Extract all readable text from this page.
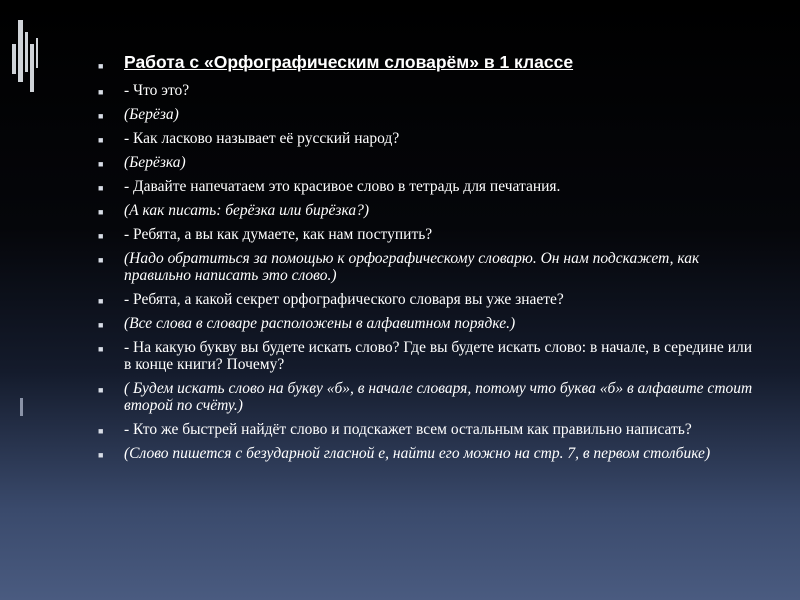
■ Работа с «Орфографическим словарём» в 1 классе
■ - Что это?
■ (Берёза)
■ - Как ласково называет её русский народ?
■ (Берёзка)
■ - Давайте напечатаем это красивое слово в тетрадь для печатания.
■ (А как писать: берёзка или бирёзка?)
■ - Ребята, а вы как думаете, как нам поступить?
■ (Надо обратиться за помощью к орфографическому словарю. Он нам подскажет, как правильно написать это слово.)
■ - Ребята, а какой секрет орфографического словаря вы уже знаете?
■ (Все слова в словаре расположены в алфавитном порядке.)
■ - На какую букву вы будете искать слово? Где вы будете искать слово: в начале, в середине или в конце книги? Почему?
■ ( Будем искать слово на букву «б», в начале словаря, потому что буква «б» в алфавите стоит второй по счёту.)
■ - Кто же быстрей найдёт слово и подскажет всем остальным как правильно написать?
■ (Слово пишется с безударной гласной е, найти его можно на стр. 7, в первом столбике)
